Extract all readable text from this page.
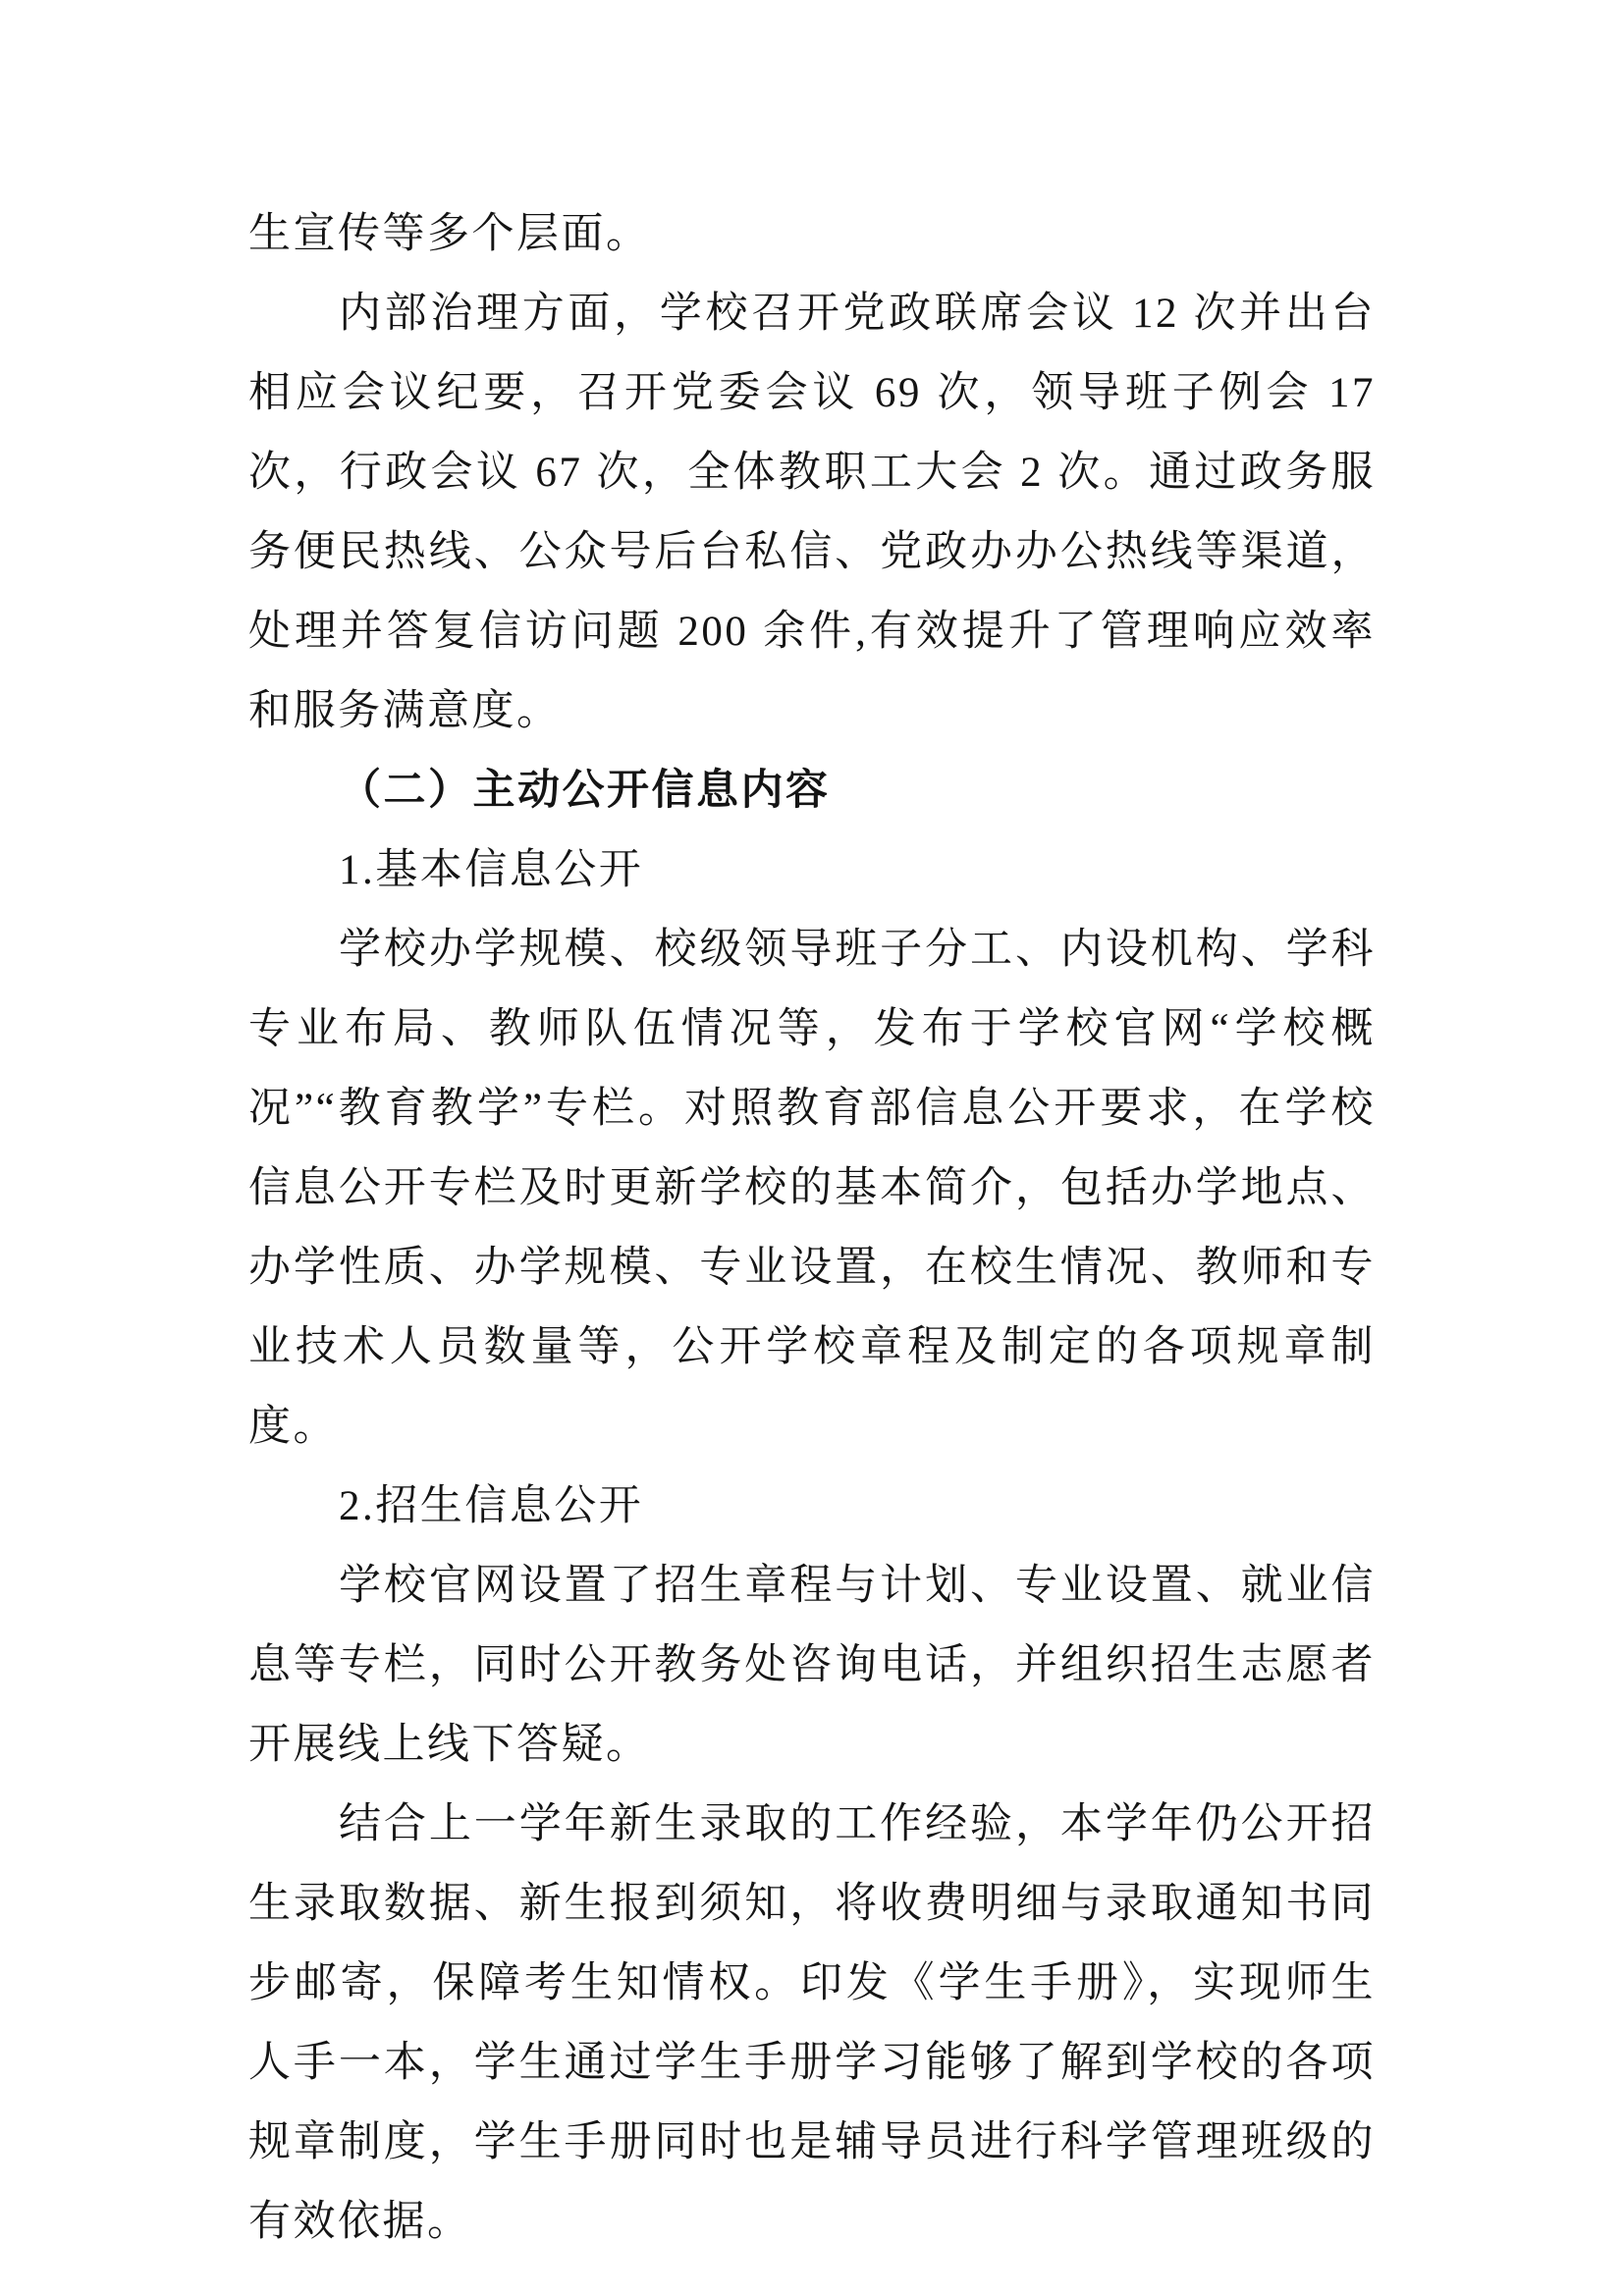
生宣传等多个层面。

内部治理方面，学校召开党政联席会议 12 次并出台相应会议纪要，召开党委会议 69 次，领导班子例会 17 次，行政会议 67 次，全体教职工大会 2 次。通过政务服务便民热线、公众号后台私信、党政办办公热线等渠道，处理并答复信访问题 200 余件,有效提升了管理响应效率和服务满意度。

（二）主动公开信息内容

1.基本信息公开

学校办学规模、校级领导班子分工、内设机构、学科专业布局、教师队伍情况等，发布于学校官网“学校概况”“教育教学”专栏。对照教育部信息公开要求，在学校信息公开专栏及时更新学校的基本简介，包括办学地点、办学性质、办学规模、专业设置，在校生情况、教师和专业技术人员数量等，公开学校章程及制定的各项规章制度。

2.招生信息公开

学校官网设置了招生章程与计划、专业设置、就业信息等专栏，同时公开教务处咨询电话，并组织招生志愿者开展线上线下答疑。

结合上一学年新生录取的工作经验，本学年仍公开招生录取数据、新生报到须知，将收费明细与录取通知书同步邮寄，保障考生知情权。印发《学生手册》，实现师生人手一本，学生通过学生手册学习能够了解到学校的各项规章制度，学生手册同时也是辅导员进行科学管理班级的有效依据。
